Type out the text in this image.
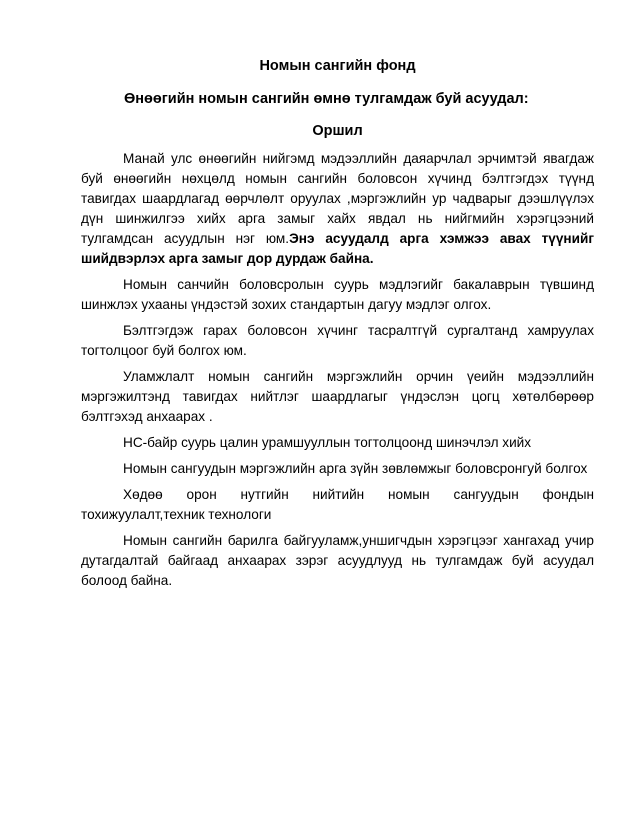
Номын сангийн фонд
Өнөөгийн номын сангийн өмнө тулгамдаж буй асуудал:
Оршил

Манай улс өнөөгийн нийгэмд мэдээллийн даяарчлал эрчимтэй явагдаж буй өнөөгийн нөхцөлд номын сангийн боловсон хүчинд бэлтгэгдэх түүнд тавигдах шаардлагад өөрчлөлт оруулах ,мэргэжлийн ур чадварыг дээшлүүлэх дүн шинжилгээ хийх арга замыг хайх явдал нь нийгмийн хэрэгцээний тулгамдсан асуудлын нэг юм.Энэ асуудалд арга хэмжээ авах түүнийг шийдвэрлэх арга замыг дор дурдаж байна.

Номын санчийн боловсролын суурь мэдлэгийг бакалаврын түвшинд шинжлэх ухааны үндэстэй зохих стандартын дагуу мэдлэг олгох.

Бэлтгэгдэж гарах боловсон хүчинг тасралтгүй сургалтанд хамруулах тогтолцоог буй болгох юм.

Уламжлалт номын сангийн мэргэжлийн орчин үеийн мэдээллийн мэргэжилтэнд тавигдах нийтлэг шаардлагыг үндэслэн цогц хөтөлбөрөөр бэлтгэхэд анхаарах .

НС-байр суурь цалин урамшууллын тогтолцоонд шинэчлэл хийх

Номын сангуудын мэргэжлийн арга зүйн зөвлөмжыг боловсронгуй болгох

Хөдөө орон нутгийн нийтийн номын сангуудын фондын тохижуулалт,техник технологи

Номын сангийн барилга байгууламж,уншигчдын хэрэгцээг хангахад учир дутагдалтай байгаад анхаарах зэрэг асуудлууд нь тулгамдаж буй асуудал болоод байна.
